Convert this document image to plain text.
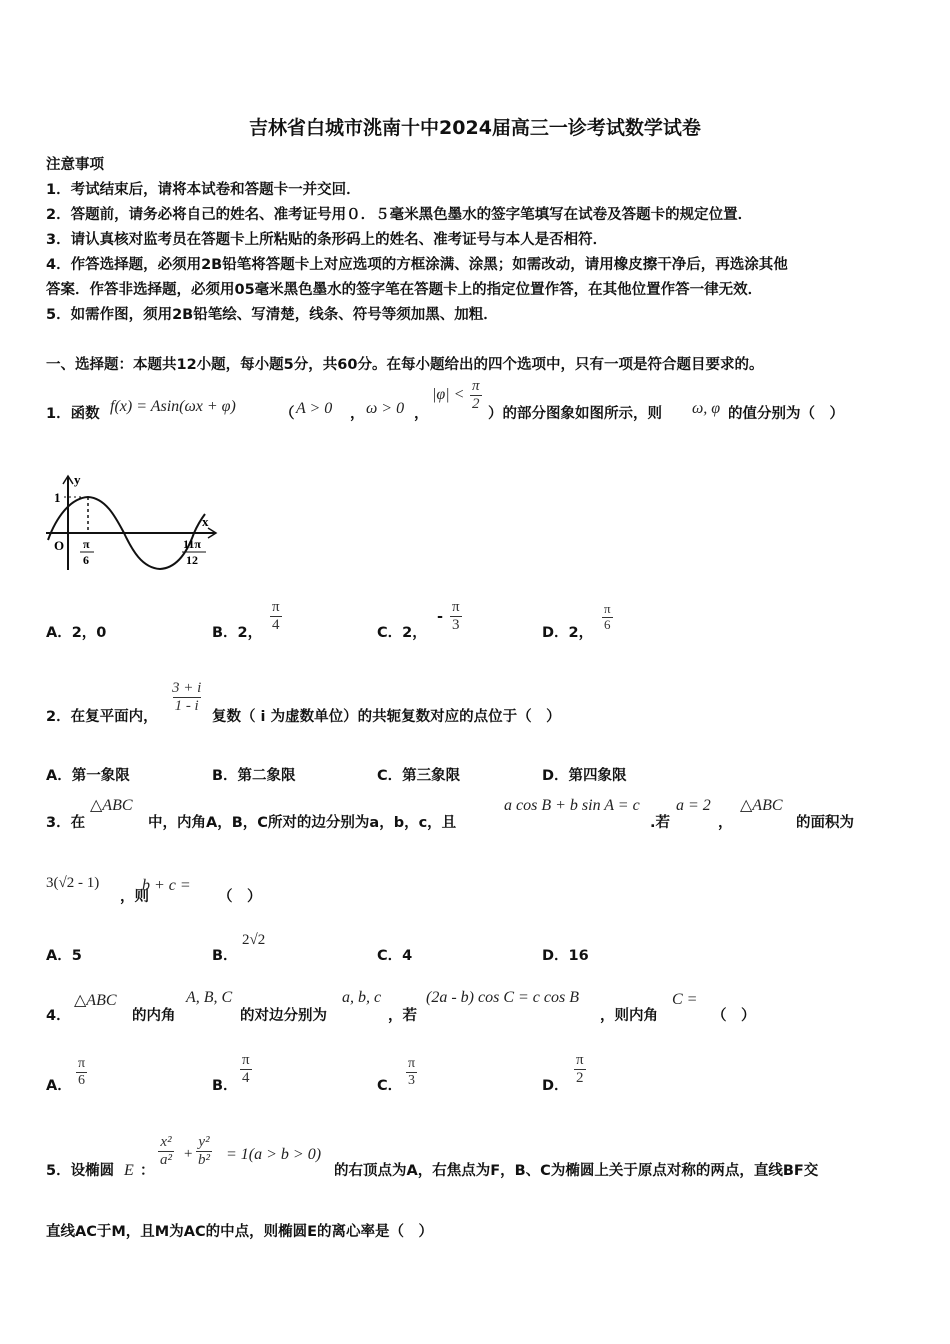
吉林省白城市洮南十中2024届高三一诊考试数学试卷
注意事项
1．考试结束后，请将本试卷和答题卡一并交回．
2．答题前，请务必将自己的姓名、准考证号用０．５毫米黑色墨水的签字笔填写在试卷及答题卡的规定位置．
3．请认真核对监考员在答题卡上所粘贴的条形码上的姓名、准考证号与本人是否相符．
4．作答选择题，必须用2B铅笔将答题卡上对应选项的方框涂满、涂黑；如需改动，请用橡皮擦干净后，再选涂其他
答案．作答非选择题，必须用05毫米黑色墨水的签字笔在答题卡上的指定位置作答，在其他位置作答一律无效．
5．如需作图，须用2B铅笔绘、写清楚，线条、符号等须加黑、加粗．
一、选择题：本题共12小题，每小题5分，共60分。在每小题给出的四个选项中，只有一项是符合题目要求的。
1．函数 f(x) = Asin(ωx + φ)	（ A > 0 ， ω > 0 ，
$|\varphi| < \frac{\pi}{2}$
）的部分图象如图所示，则 ω, φ 的值分别为（　）
y
x
O
1
π
6
11π
12
A．2，0	B．2， $\frac{\pi}{4}$	C．2，
- $\frac{\pi}{3}$	D．2，
$\frac{\pi}{6}$
2．在复平面内，
$\frac{3 + i}{1 - i}$
复数（ i 为虚数单位）的共轭复数对应的点位于（　）
A．第一象限	B．第二象限	C．第三象限	D．第四象限
3．在
△ABC
中，内角A，B，C所对的边分别为a，b，c，且
a cos B + b sin A = c
.若
a = 2
，
△ABC
的面积为
3(√2 - 1)
，则
b + c =
（　）
A．5	B．
2√2
C．4	D．16
4．
△ABC
的内角
A, B, C
的对边分别为
a, b, c
，若
(2a - b) cos C = c cos B
，则内角
C =
（　）
A． $\frac{\pi}{6}$	B． $\frac{\pi}{4}$	C． $\frac{\pi}{3}$	D． $\frac{\pi}{2}$
5．设椭圆 E ：
$\frac{\text{x²}}{\text{a²}} + \frac{\text{y²}}{\text{b²}} = 1(a > b > 0)$
的右顶点为A，右焦点为F，B、C为椭圆上关于原点对称的两点，直线BF交
直线AC于M，且M为AC的中点，则椭圆E的离心率是（　）
